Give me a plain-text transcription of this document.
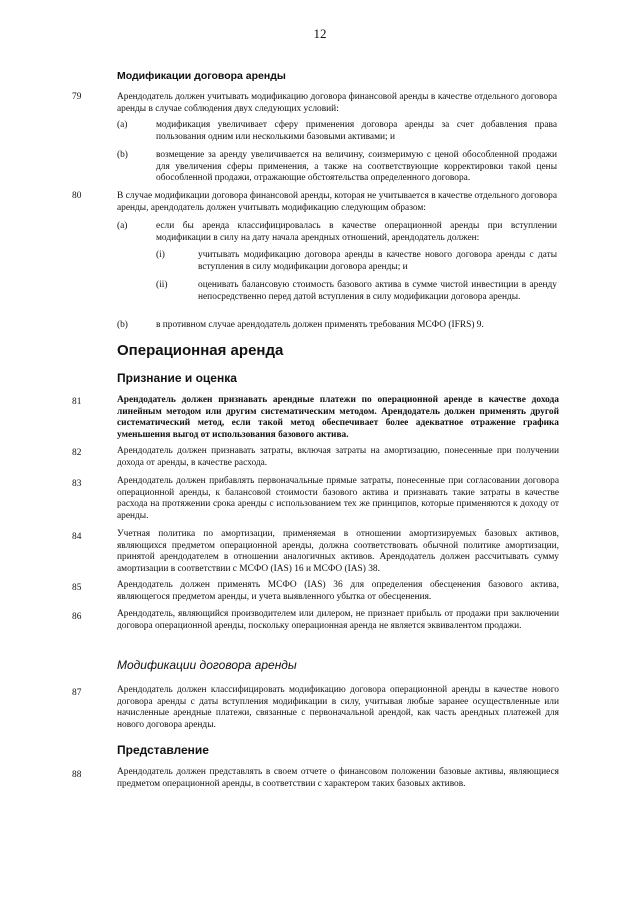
12
Модификации договора аренды
79	Арендодатель должен учитывать модификацию договора финансовой аренды в качестве отдельного договора аренды в случае соблюдения двух следующих условий:
(a)	модификация увеличивает сферу применения договора аренды за счет добавления права пользования одним или несколькими базовыми активами; и
(b)	возмещение за аренду увеличивается на величину, соизмеримую с ценой обособленной продажи для увеличения сферы применения, а также на соответствующие корректировки такой цены обособленной продажи, отражающие обстоятельства определенного договора.
80	В случае модификации договора финансовой аренды, которая не учитывается в качестве отдельного договора аренды, арендодатель должен учитывать модификацию следующим образом:
(a)	если бы аренда классифицировалась в качестве операционной аренды при вступлении модификации в силу на дату начала арендных отношений, арендодатель должен:
(i)	учитывать модификацию договора аренды в качестве нового договора аренды с даты вступления в силу модификации договора аренды; и
(ii)	оценивать балансовую стоимость базового актива в сумме чистой инвестиции в аренду непосредственно перед датой вступления в силу модификации договора аренды.
(b)	в противном случае арендодатель должен применять требования МСФО (IFRS) 9.
Операционная аренда
Признание и оценка
81	Арендодатель должен признавать арендные платежи по операционной аренде в качестве дохода линейным методом или другим систематическим методом. Арендодатель должен применять другой систематический метод, если такой метод обеспечивает более адекватное отражение графика уменьшения выгод от использования базового актива.
82	Арендодатель должен признавать затраты, включая затраты на амортизацию, понесенные при получении дохода от аренды, в качестве расхода.
83	Арендодатель должен прибавлять первоначальные прямые затраты, понесенные при согласовании договора операционной аренды, к балансовой стоимости базового актива и признавать такие затраты в качестве расхода на протяжении срока аренды с использованием тех же принципов, которые применяются к доходу от аренды.
84	Учетная политика по амортизации, применяемая в отношении амортизируемых базовых активов, являющихся предметом операционной аренды, должна соответствовать обычной политике амортизации, принятой арендодателем в отношении аналогичных активов. Арендодатель должен рассчитывать сумму амортизации в соответствии с МСФО (IAS) 16 и МСФО (IAS) 38.
85	Арендодатель должен применять МСФО (IAS) 36 для определения обесценения базового актива, являющегося предметом аренды, и учета выявленного убытка от обесценения.
86	Арендодатель, являющийся производителем или дилером, не признает прибыль от продажи при заключении договора операционной аренды, поскольку операционная аренда не является эквивалентом продажи.
Модификации договора аренды
87	Арендодатель должен классифицировать модификацию договора операционной аренды в качестве нового договора аренды с даты вступления модификации в силу, учитывая любые заранее осуществленные или начисленные арендные платежи, связанные с первоначальной арендой, как часть арендных платежей для нового договора аренды.
Представление
88	Арендодатель должен представлять в своем отчете о финансовом положении базовые активы, являющиеся предметом операционной аренды, в соответствии с характером таких базовых активов.
